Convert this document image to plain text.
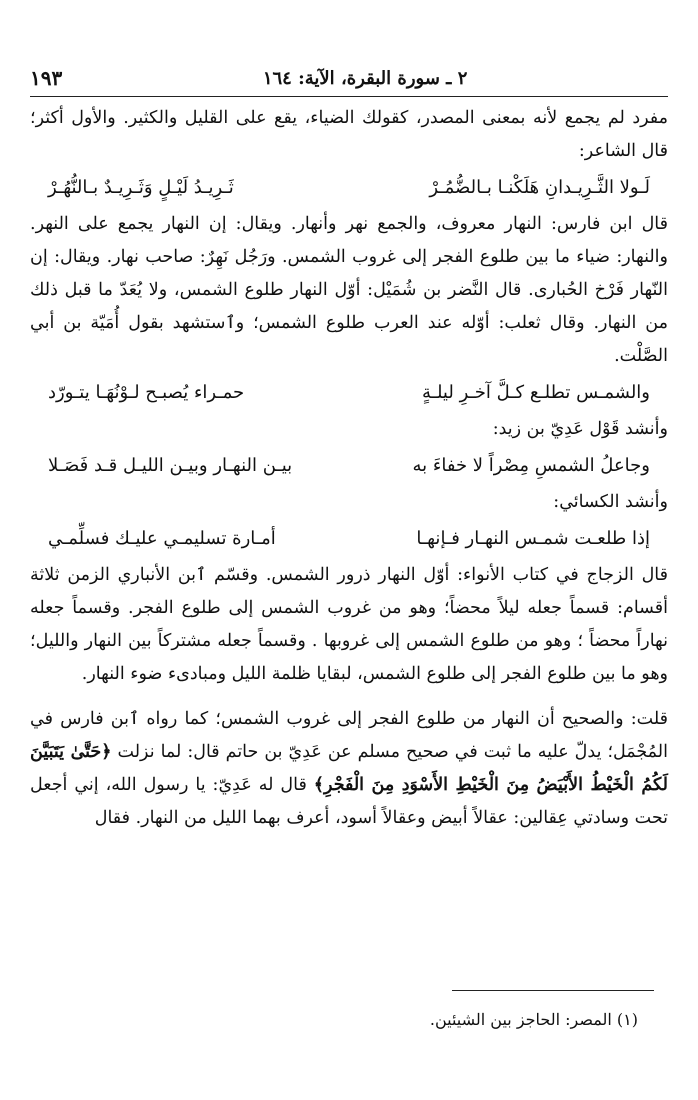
٢ ـ سورة البقرة، الآية: ١٦٤
١٩٣

مفرد لم يجمع لأنه بمعنى المصدر، كقولك الضياء، يقع على القليل والكثير. والأول أكثر؛ قال الشاعر:

لَـولا الثَّـرِيـدانِ هَلَكْنـا بـالضُّمُـرْ
ثَـرِيـدُ لَيْـلٍ وَثَـرِيـدٌ بـالنُّهُـرْ

قال ابن فارس: النهار معروف، والجمع نهر وأنهار. ويقال: إن النهار يجمع على النهر. والنهار: ضياء ما بين طلوع الفجر إلى غروب الشمس. ورَجُل نَهِرٌ: صاحب نهار. ويقال: إن النّهار فَرْخ الحُبارى. قال النَّضر بن شُمَيْل: أوّل النهار طلوع الشمس، ولا يُعَدّ ما قبل ذلك من النهار. وقال ثعلب: أوّله عند العرب طلوع الشمس؛ وٱستشهد بقول أُمَيّة بن أبي الصَّلْت.

والشمـس تطلـع كـلَّ آخـرِ ليلـةٍ
حمـراء يُصبـح لـوْنُهَـا يتـورّد

وأنشد قَوْل عَدِيّ بن زيد:

وجاعلُ الشمسِ مِصْراً لا خفاءَ به
بيـن النهـار وبيـن الليـل قـد فَصَـلا

وأنشد الكسائي:

إذا طلعـت شمـس النهـار فـإنهـا
أمـارة تسليمـي عليـك فسلِّمـي

قال الزجاج في كتاب الأنواء: أوّل النهار ذرور الشمس. وقسّم ٱبن الأنباري الزمن ثلاثة أقسام: قسماً جعله ليلاً محضاً؛ وهو من غروب الشمس إلى طلوع الفجر. وقسماً جعله نهاراً محضاً ؛ وهو من طلوع الشمس إلى غروبها . وقسماً جعله مشتركاً بين النهار والليل؛ وهو ما بين طلوع الفجر إلى طلوع الشمس، لبقايا ظلمة الليل ومبادىء ضوء النهار.

قلت: والصحيح أن النهار من طلوع الفجر إلى غروب الشمس؛ كما رواه ٱبن فارس في المُجْمَل؛ يدلّ عليه ما ثبت في صحيح مسلم عن عَدِيّ بن حاتم قال: لما نزلت ﴿حَتَّىٰ يَتَبَيَّنَ لَكُمُ الْخَيْطُ الأَبْيَضُ مِنَ الْخَيْطِ الأَسْوَدِ مِنَ الْفَجْرِ﴾ قال له عَدِيّ: يا رسول الله، إني أجعل تحت وسادتي عِقالين: عقالاً أبيض وعقالاً أسود، أعرف بهما الليل من النهار. فقال

(١) المصر: الحاجز بين الشيئين.
